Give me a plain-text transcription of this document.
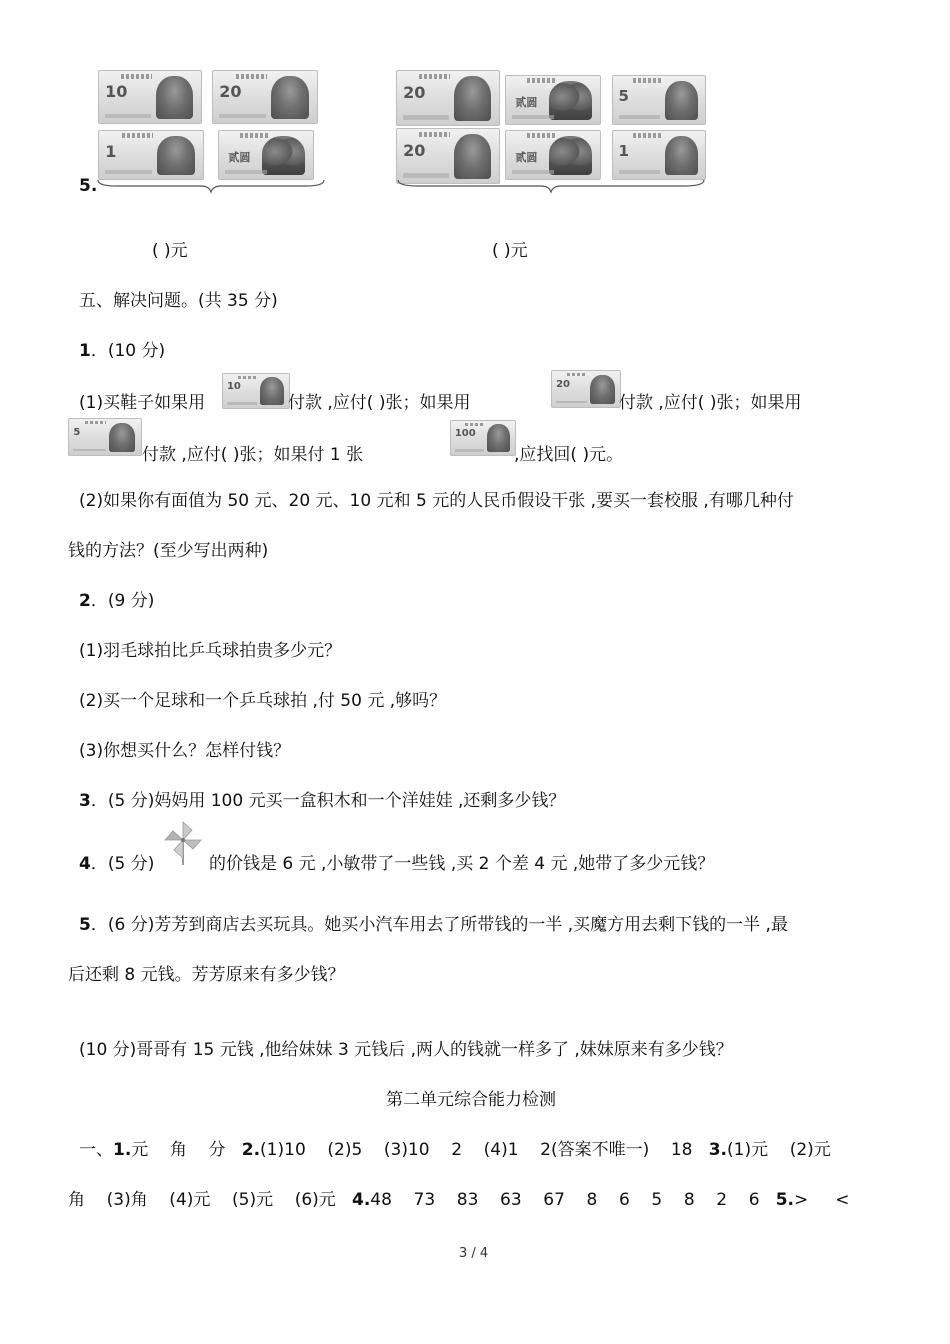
10	20
1	贰圆
20
贰圆	5
20	贰圆	1
5.
( )元	( )元
五、解决问题。(共 35 分)
1．(10 分)
(1)买鞋子如果用
10
付款 ,应付( )张；如果用
20
付款 ,应付( )张；如果用
5
付款 ,应付( )张；如果付 1 张
100
,应找回( )元。
(2)如果你有面值为 50 元、20 元、10 元和 5 元的人民币假设干张 ,要买一套校服 ,有哪几种付
钱的方法？(至少写出两种)
2．(9 分)
(1)羽毛球拍比乒乓球拍贵多少元？
(2)买一个足球和一个乒乓球拍 ,付 50 元 ,够吗？
(3)你想买什么？怎样付钱？
3．(5 分)妈妈用 100 元买一盒积木和一个洋娃娃 ,还剩多少钱？
4．(5 分)	的价钱是 6 元 ,小敏带了一些钱 ,买 2 个差 4 元 ,她带了多少元钱？
5．(6 分)芳芳到商店去买玩具。她买小汽车用去了所带钱的一半 ,买魔方用去剩下钱的一半 ,最
后还剩 8 元钱。芳芳原来有多少钱？
(10 分)哥哥有 15 元钱 ,他给妹妹 3 元钱后 ,两人的钱就一样多了 ,妹妹原来有多少钱？
第二单元综合能力检测
一、1.元    角    分   2.(1)10    (2)5    (3)10    2    (4)1    2(答案不唯一)    18   3.(1)元    (2)元
角    (3)角    (4)元    (5)元    (6)元   4.48    73    83    63    67    8    6    5    8    2    6   5.>     <
3 / 4
